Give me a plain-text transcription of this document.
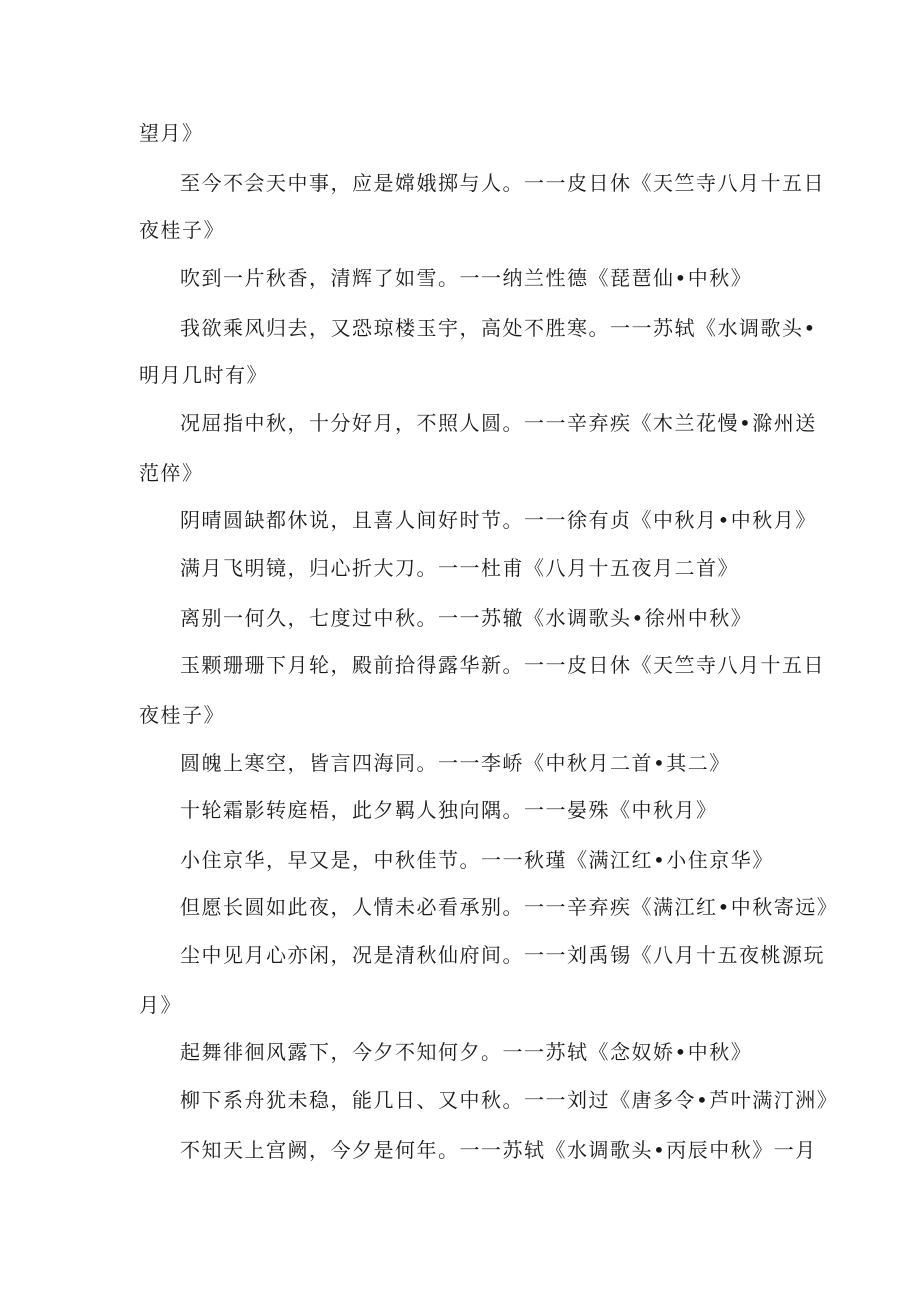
望月》
至今不会天中事，应是嫦娥掷与人。一一皮日休《天竺寺八月十五日
夜桂子》
吹到一片秋香，清辉了如雪。一一纳兰性德《琵琶仙•中秋》
我欲乘风归去，又恐琼楼玉宇，高处不胜寒。一一苏轼《水调歌头•
明月几时有》
况屈指中秋，十分好月，不照人圆。一一辛弃疾《木兰花慢•滁州送
范倅》
阴晴圆缺都休说，且喜人间好时节。一一徐有贞《中秋月•中秋月》
满月飞明镜，归心折大刀。一一杜甫《八月十五夜月二首》
离别一何久，七度过中秋。一一苏辙《水调歌头•徐州中秋》
玉颗珊珊下月轮，殿前拾得露华新。一一皮日休《天竺寺八月十五日
夜桂子》
圆魄上寒空，皆言四海同。一一李峤《中秋月二首•其二》
十轮霜影转庭梧，此夕羁人独向隅。一一晏殊《中秋月》
小住京华，早又是，中秋佳节。一一秋瑾《满江红•小住京华》
但愿长圆如此夜，人情未必看承别。一一辛弃疾《满江红•中秋寄远》
尘中见月心亦闲，况是清秋仙府间。一一刘禹锡《八月十五夜桃源玩
月》
起舞徘徊风露下，今夕不知何夕。一一苏轼《念奴娇•中秋》
柳下系舟犹未稳，能几日、又中秋。一一刘过《唐多令•芦叶满汀洲》
不知天上宫阙，今夕是何年。一一苏轼《水调歌头•丙辰中秋》一月
